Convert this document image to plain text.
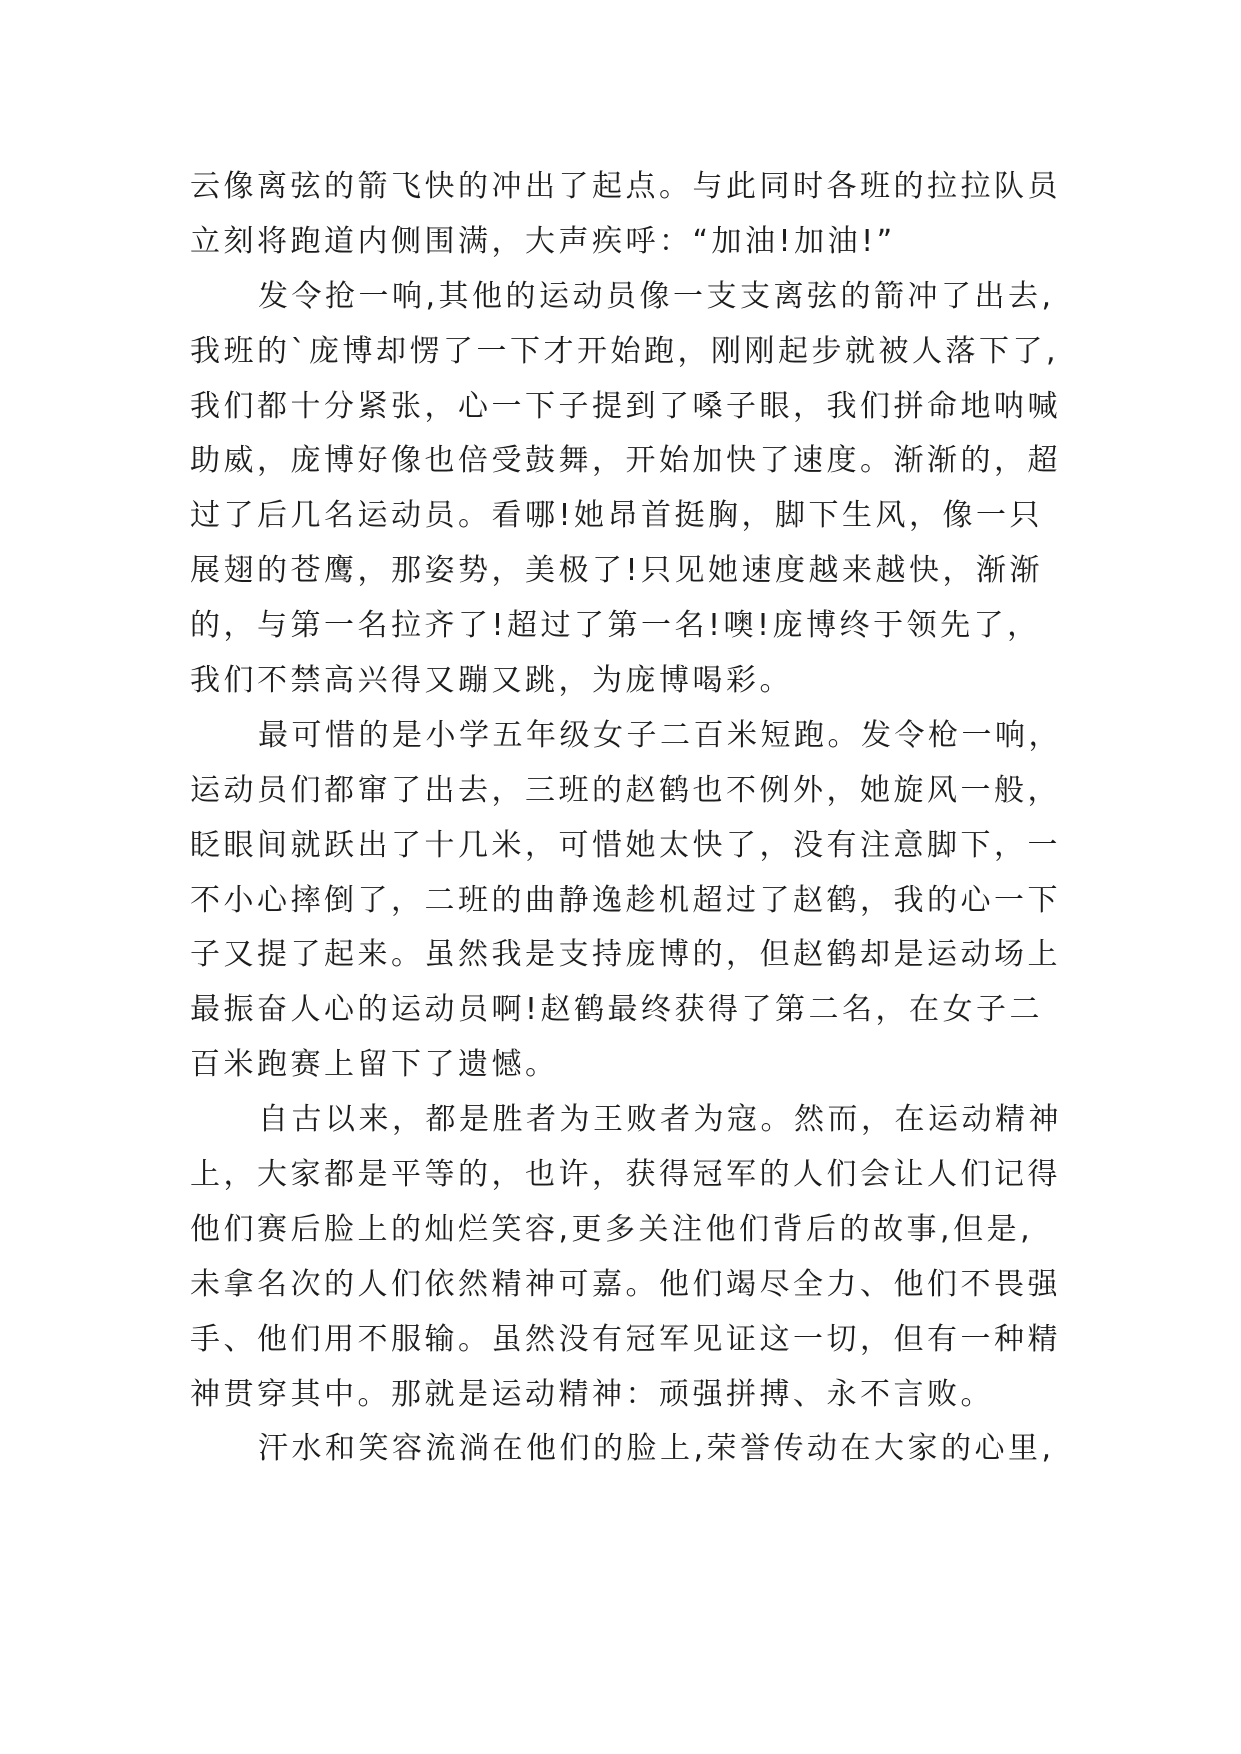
云像离弦的箭飞快的冲出了起点。与此同时各班的拉拉队员
立刻将跑道内侧围满，大声疾呼：“加油!加油!”
发令抢一响,其他的运动员像一支支离弦的箭冲了出去,
我班的`庞博却愣了一下才开始跑，刚刚起步就被人落下了,
我们都十分紧张，心一下子提到了嗓子眼，我们拼命地呐喊
助威，庞博好像也倍受鼓舞，开始加快了速度。渐渐的，超
过了后几名运动员。看哪!她昂首挺胸，脚下生风，像一只
展翅的苍鹰，那姿势，美极了!只见她速度越来越快，渐渐
的，与第一名拉齐了!超过了第一名!噢!庞博终于领先了，
我们不禁高兴得又蹦又跳，为庞博喝彩。
最可惜的是小学五年级女子二百米短跑。发令枪一响，
运动员们都窜了出去，三班的赵鹤也不例外，她旋风一般，
眨眼间就跃出了十几米，可惜她太快了，没有注意脚下，一
不小心摔倒了，二班的曲静逸趁机超过了赵鹤，我的心一下
子又提了起来。虽然我是支持庞博的，但赵鹤却是运动场上
最振奋人心的运动员啊!赵鹤最终获得了第二名，在女子二
百米跑赛上留下了遗憾。
自古以来，都是胜者为王败者为寇。然而，在运动精神
上，大家都是平等的，也许，获得冠军的人们会让人们记得
他们赛后脸上的灿烂笑容,更多关注他们背后的故事,但是,
未拿名次的人们依然精神可嘉。他们竭尽全力、他们不畏强
手、他们用不服输。虽然没有冠军见证这一切，但有一种精
神贯穿其中。那就是运动精神：顽强拼搏、永不言败。
汗水和笑容流淌在他们的脸上,荣誉传动在大家的心里,
